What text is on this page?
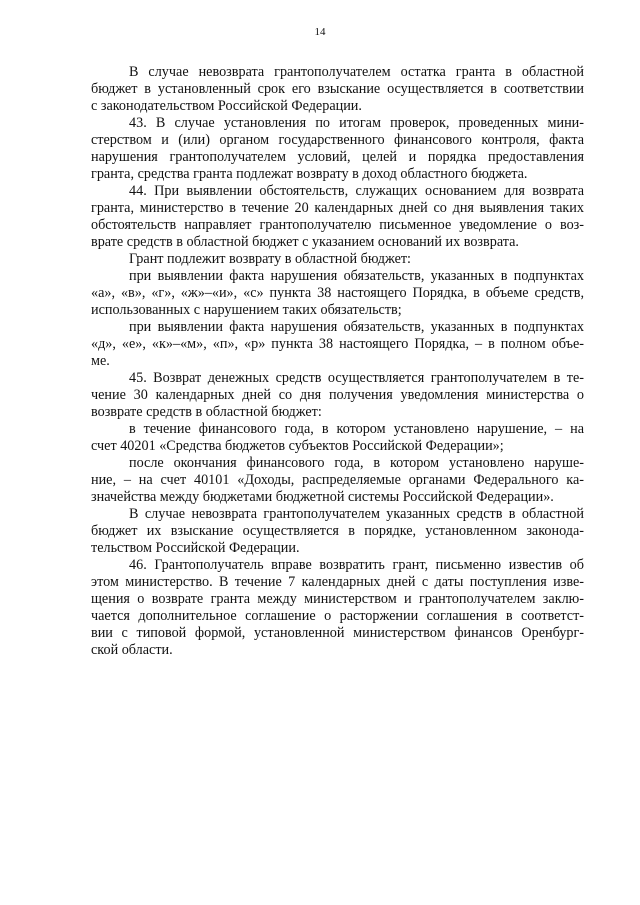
14
В случае невозврата грантополучателем остатка гранта в областной
бюджет в установленный срок его взыскание осуществляется в соответствии
с законодательством Российской Федерации.
43. В случае установления по итогам проверок, проведенных мини-
стерством и (или) органом государственного финансового контроля, факта
нарушения грантополучателем условий, целей и порядка предоставления
гранта, средства гранта подлежат возврату в доход областного бюджета.
44. При выявлении обстоятельств, служащих основанием для возврата
гранта, министерство в течение 20 календарных дней со дня выявления таких
обстоятельств направляет грантополучателю письменное уведомление о воз-
врате средств в областной бюджет с указанием оснований их возврата.
Грант подлежит возврату в областной бюджет:
при выявлении факта нарушения обязательств, указанных в подпунктах
«а», «в», «г», «ж»–«и», «с» пункта 38 настоящего Порядка, в объеме средств,
использованных с нарушением таких обязательств;
при выявлении факта нарушения обязательств, указанных в подпунктах
«д», «е», «к»–«м», «п», «р» пункта 38 настоящего Порядка, – в полном объе-
ме.
45. Возврат денежных средств осуществляется грантополучателем в те-
чение 30 календарных дней со дня получения уведомления министерства о
возврате средств в областной бюджет:
в течение финансового года, в котором установлено нарушение, – на
счет 40201 «Средства бюджетов субъектов Российской Федерации»;
после окончания финансового года, в котором установлено наруше-
ние, – на счет 40101 «Доходы, распределяемые органами Федерального ка-
значейства между бюджетами бюджетной системы Российской Федерации».
В случае невозврата грантополучателем указанных средств в областной
бюджет их взыскание осуществляется в порядке, установленном законода-
тельством Российской Федерации.
46. Грантополучатель вправе возвратить грант, письменно известив об
этом министерство. В течение 7 календарных дней с даты поступления изве-
щения о возврате гранта между министерством и грантополучателем заклю-
чается дополнительное соглашение о расторжении соглашения в соответст-
вии с типовой формой, установленной министерством финансов Оренбург-
ской области.
